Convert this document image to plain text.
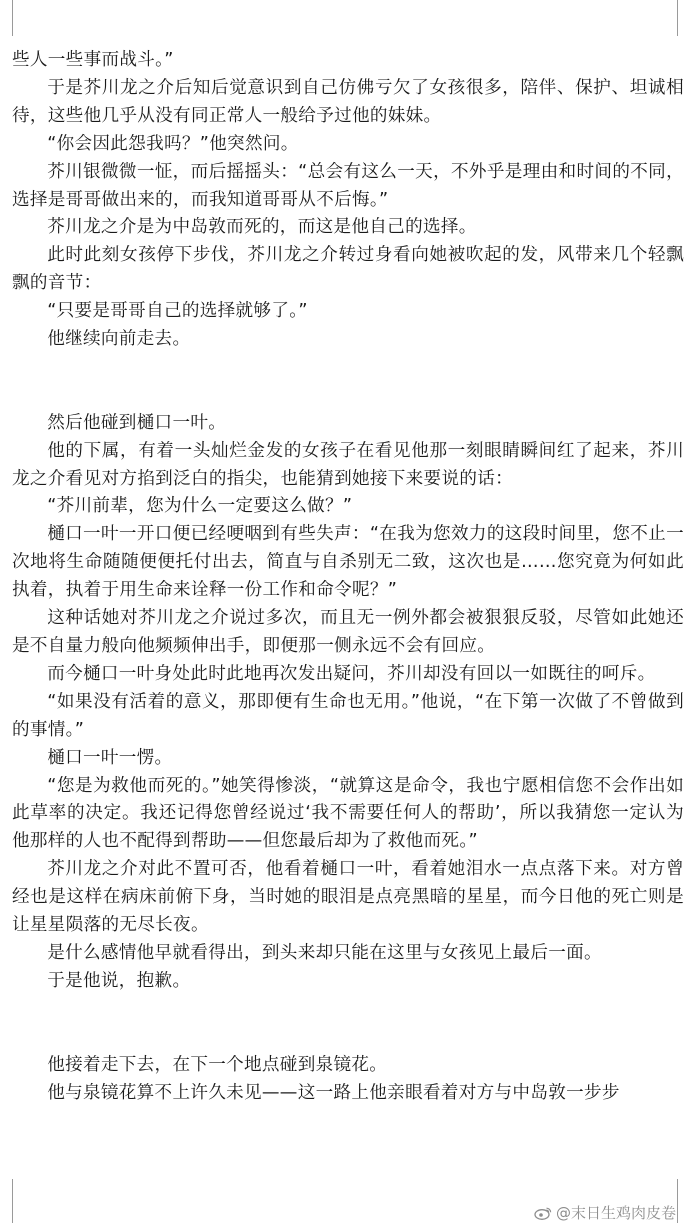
些人一些事而战斗。”

于是芥川龙之介后知后觉意识到自己仿佛亏欠了女孩很多，陪伴、保护、坦诚相待，这些他几乎从没有同正常人一般给予过他的妹妹。

“你会因此怨我吗？”他突然问。

芥川银微微一怔，而后摇摇头：“总会有这么一天，不外乎是理由和时间的不同，选择是哥哥做出来的，而我知道哥哥从不后悔。”

芥川龙之介是为中岛敦而死的，而这是他自己的选择。

此时此刻女孩停下步伐，芥川龙之介转过身看向她被吹起的发，风带来几个轻飘飘的音节：

“只要是哥哥自己的选择就够了。”

他继续向前走去。

然后他碰到樋口一叶。

他的下属，有着一头灿烂金发的女孩子在看见他那一刻眼睛瞬间红了起来，芥川龙之介看见对方掐到泛白的指尖，也能猜到她接下来要说的话：

“芥川前辈，您为什么一定要这么做？”

樋口一叶一开口便已经哽咽到有些失声：“在我为您效力的这段时间里，您不止一次地将生命随随便便托付出去，简直与自杀别无二致，这次也是……您究竟为何如此执着，执着于用生命来诠释一份工作和命令呢？”

这种话她对芥川龙之介说过多次，而且无一例外都会被狠狠反驳，尽管如此她还是不自量力般向他频频伸出手，即便那一侧永远不会有回应。

而今樋口一叶身处此时此地再次发出疑问，芥川却没有回以一如既往的呵斥。

“如果没有活着的意义，那即便有生命也无用。”他说，“在下第一次做了不曾做到的事情。”

樋口一叶一愣。

“您是为救他而死的。”她笑得惨淡，“就算这是命令，我也宁愿相信您不会作出如此草率的决定。我还记得您曾经说过‘我不需要任何人的帮助’，所以我猜您一定认为他那样的人也不配得到帮助——但您最后却为了救他而死。”

芥川龙之介对此不置可否，他看着樋口一叶，看着她泪水一点点落下来。对方曾经也是这样在病床前俯下身，当时她的眼泪是点亮黑暗的星星，而今日他的死亡则是让星星陨落的无尽长夜。

是什么感情他早就看得出，到头来却只能在这里与女孩见上最后一面。

于是他说，抱歉。

他接着走下去，在下一个地点碰到泉镜花。

他与泉镜花算不上许久未见——这一路上他亲眼看着对方与中岛敦一步步

@末日生鸡肉皮卷
